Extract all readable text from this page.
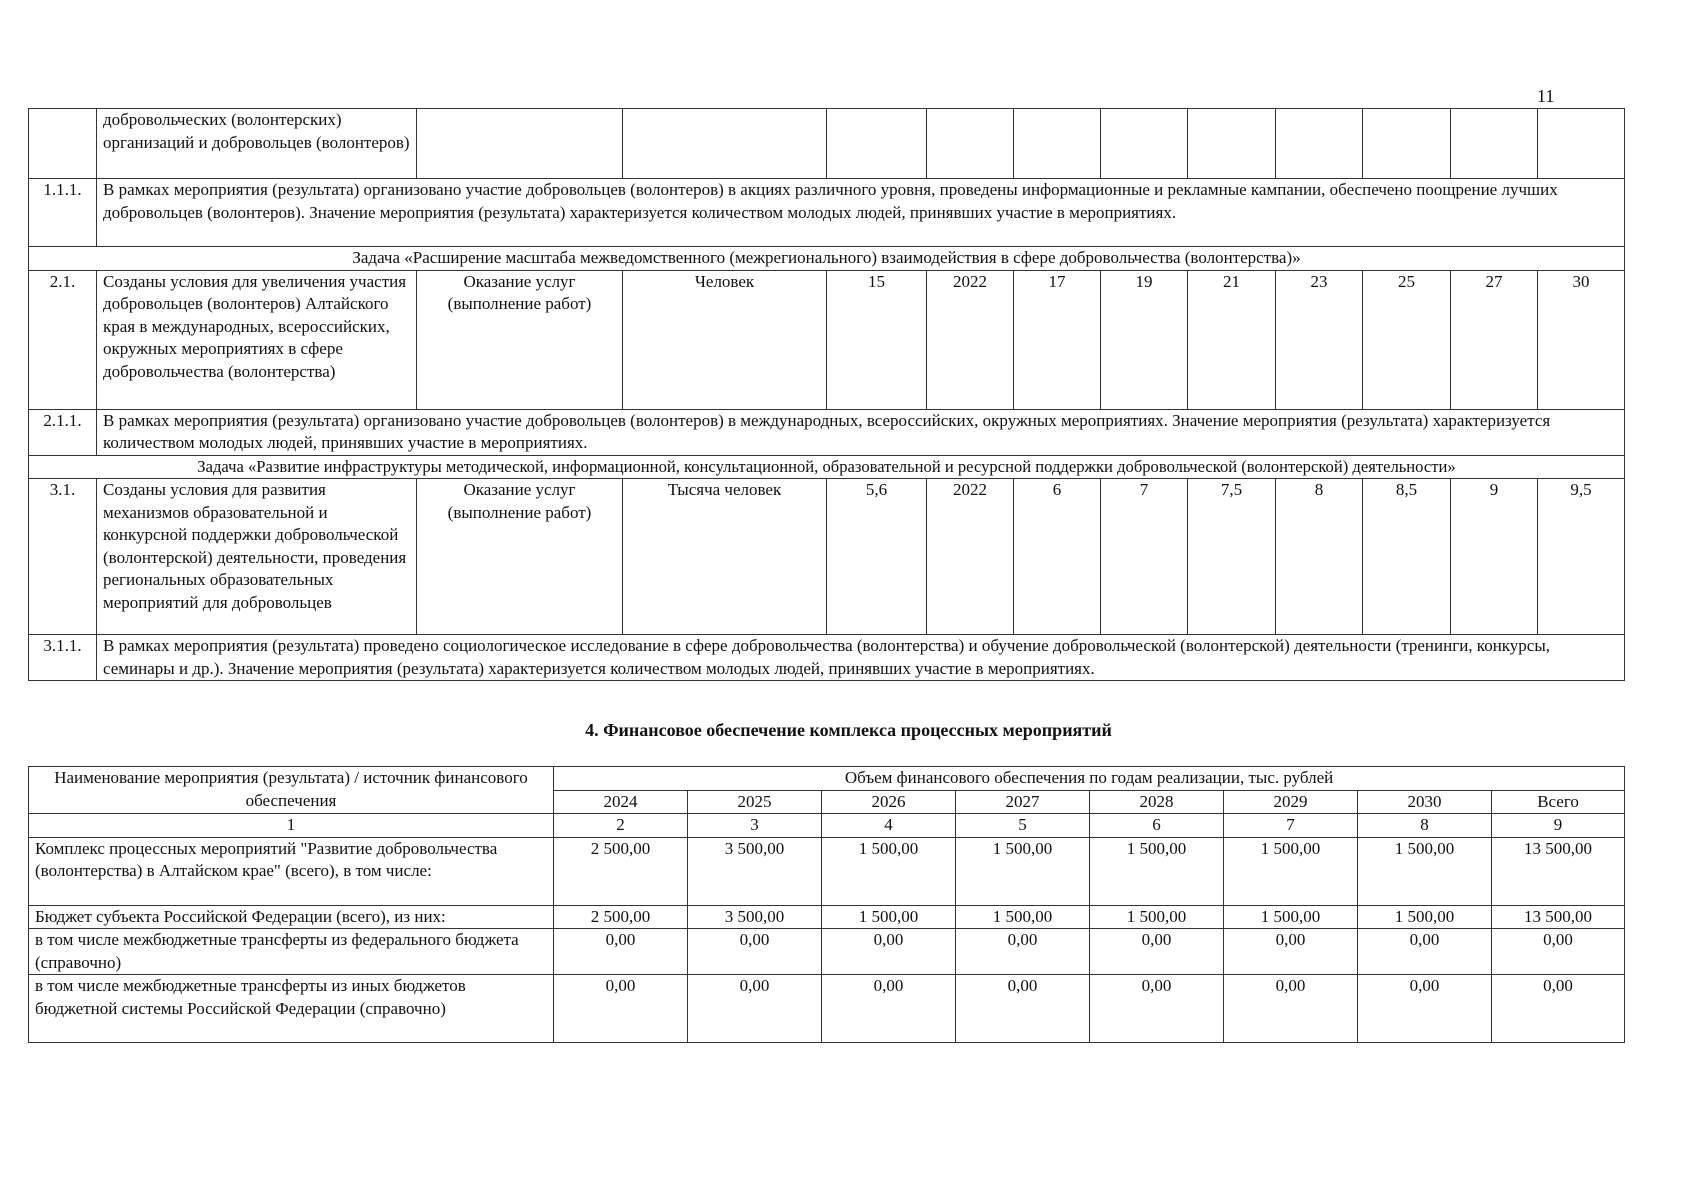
11
	добровольческих (волонтерских) организаций и добровольцев (волонтеров)											
1.1.1.	В рамках мероприятия (результата) организовано участие добровольцев (волонтеров) в акциях различного уровня, проведены информационные и рекламные кампании, обеспечено поощрение лучших добровольцев (волонтеров). Значение мероприятия (результата) характеризуется количеством молодых людей, принявших участие в мероприятиях.											
Задача «Расширение масштаба межведомственного (межрегионального) взаимодействия в сфере добровольчества (волонтерства)»												
2.1.	Созданы условия для увеличения участия добровольцев (волонтеров) Алтайского края в международных, всероссийских, окружных мероприятиях в сфере добровольчества (волонтерства)	Оказание услуг (выполнение работ)	Человек	15	2022	17	19	21	23	25	27	30
2.1.1.	В рамках мероприятия (результата) организовано участие добровольцев (волонтеров) в международных, всероссийских, окружных мероприятиях. Значение мероприятия (результата) характеризуется количеством молодых людей, принявших участие в мероприятиях.											
Задача «Развитие инфраструктуры методической, информационной, консультационной, образовательной и ресурсной поддержки добровольческой (волонтерской) деятельности»												
3.1.	Созданы условия для развития механизмов образовательной и конкурсной поддержки добровольческой (волонтерской) деятельности, проведения региональных образовательных мероприятий для добровольцев	Оказание услуг (выполнение работ)	Тысяча человек	5,6	2022	6	7	7,5	8	8,5	9	9,5
3.1.1.	В рамках мероприятия (результата) проведено социологическое исследование в сфере добровольчества (волонтерства) и обучение добровольческой (волонтерской) деятельности (тренинги, конкурсы, семинары и др.). Значение мероприятия (результата) характеризуется количеством молодых людей, принявших участие в мероприятиях.											
4. Финансовое обеспечение комплекса процессных мероприятий
Наименование мероприятия (результата) / источник финансового обеспечения	Объем финансового обеспечения по годам реализации, тыс. рублей							
	2024	2025	2026	2027	2028	2029	2030	Всего
1	2	3	4	5	6	7	8	9
Комплекс процессных мероприятий "Развитие добровольчества (волонтерства) в Алтайском крае" (всего), в том числе:	2 500,00	3 500,00	1 500,00	1 500,00	1 500,00	1 500,00	1 500,00	13 500,00
Бюджет субъекта Российской Федерации (всего), из них:	2 500,00	3 500,00	1 500,00	1 500,00	1 500,00	1 500,00	1 500,00	13 500,00
в том числе межбюджетные трансферты из федерального бюджета (справочно)	0,00	0,00	0,00	0,00	0,00	0,00	0,00	0,00
в том числе межбюджетные трансферты из иных бюджетов бюджетной системы Российской Федерации (справочно)	0,00	0,00	0,00	0,00	0,00	0,00	0,00	0,00
